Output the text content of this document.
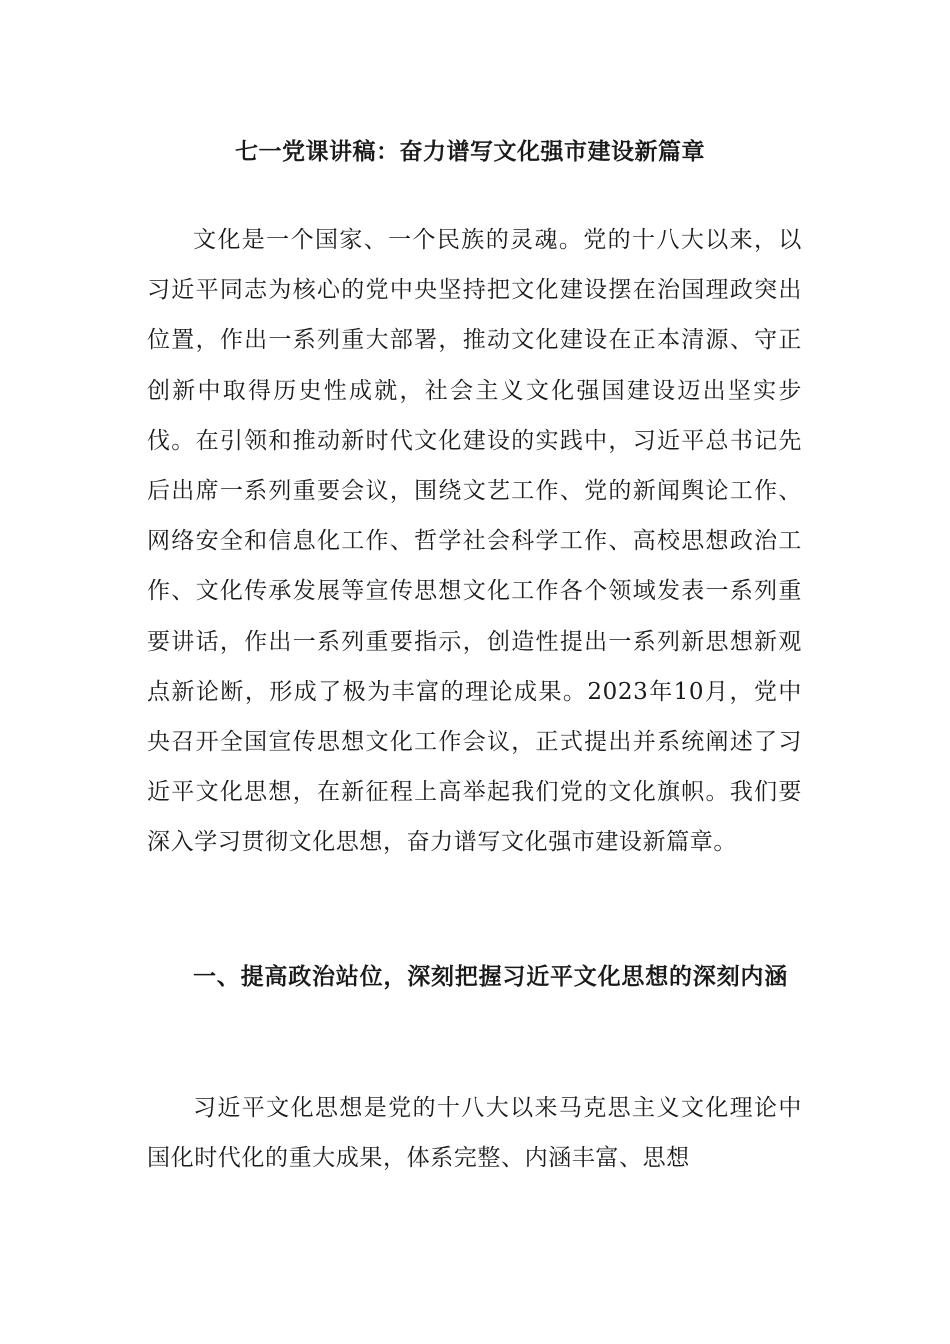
七一党课讲稿：奋力谱写文化强市建设新篇章

文化是一个国家、一个民族的灵魂。党的十八大以来，以习近平同志为核心的党中央坚持把文化建设摆在治国理政突出位置，作出一系列重大部署，推动文化建设在正本清源、守正创新中取得历史性成就，社会主义文化强国建设迈出坚实步伐。在引领和推动新时代文化建设的实践中，习近平总书记先后出席一系列重要会议，围绕文艺工作、党的新闻舆论工作、网络安全和信息化工作、哲学社会科学工作、高校思想政治工作、文化传承发展等宣传思想文化工作各个领域发表一系列重要讲话，作出一系列重要指示，创造性提出一系列新思想新观点新论断，形成了极为丰富的理论成果。2023年10月，党中央召开全国宣传思想文化工作会议，正式提出并系统阐述了习近平文化思想，在新征程上高举起我们党的文化旗帜。我们要深入学习贯彻文化思想，奋力谱写文化强市建设新篇章。

一、提高政治站位，深刻把握习近平文化思想的深刻内涵

习近平文化思想是党的十八大以来马克思主义文化理论中国化时代化的重大成果，体系完整、内涵丰富、思想
